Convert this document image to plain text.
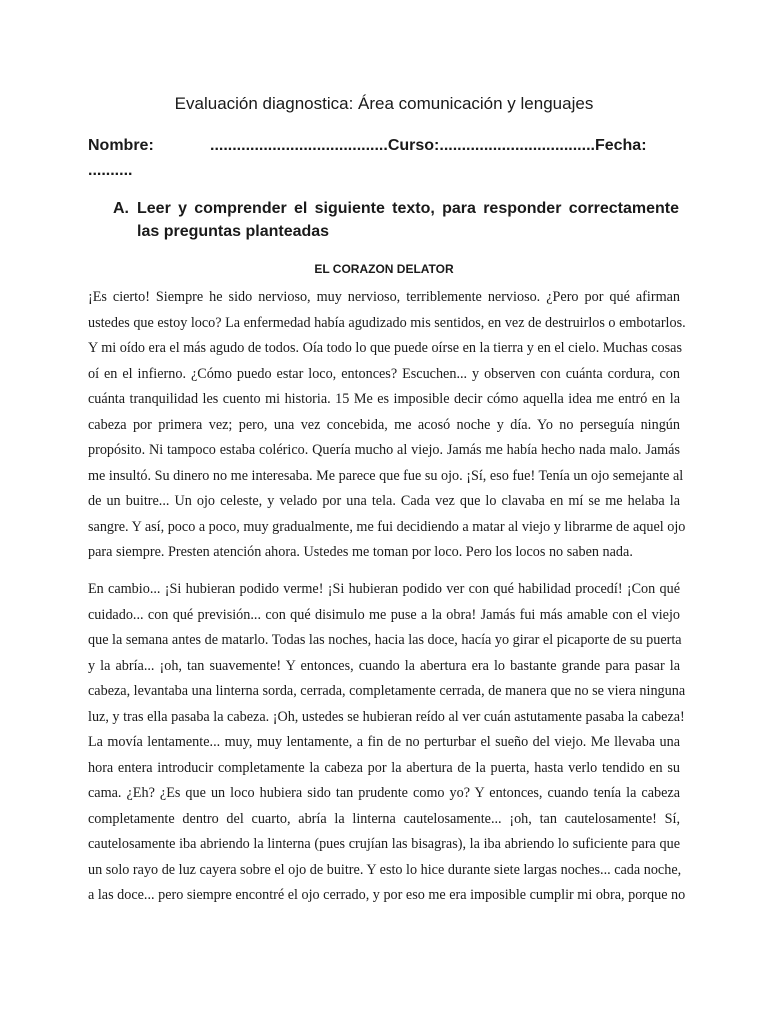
Evaluación diagnostica: Área comunicación y lenguajes
Nombre:	........................................Curso:...................................Fecha:
..........
A. Leer y comprender el siguiente texto, para responder correctamente las preguntas planteadas
EL CORAZON DELATOR
¡Es cierto! Siempre he sido nervioso, muy nervioso, terriblemente nervioso. ¿Pero por qué afirman
ustedes que estoy loco? La enfermedad había agudizado mis sentidos, en vez de destruirlos o embotarlos.
Y mi oído era el más agudo de todos. Oía todo lo que puede oírse en la tierra y en el cielo. Muchas cosas
oí en el infierno. ¿Cómo puedo estar loco, entonces? Escuchen... y observen con cuánta cordura, con
cuánta tranquilidad les cuento mi historia. 15 Me es imposible decir cómo aquella idea me entró en la
cabeza por primera vez; pero, una vez concebida, me acosó noche y día. Yo no perseguía ningún
propósito. Ni tampoco estaba colérico. Quería mucho al viejo. Jamás me había hecho nada malo. Jamás
me insultó. Su dinero no me interesaba. Me parece que fue su ojo. ¡Sí, eso fue! Tenía un ojo semejante al
de un buitre... Un ojo celeste, y velado por una tela. Cada vez que lo clavaba en mí se me helaba la
sangre. Y así, poco a poco, muy gradualmente, me fui decidiendo a matar al viejo y librarme de aquel ojo
para siempre. Presten atención ahora. Ustedes me toman por loco. Pero los locos no saben nada.
En cambio... ¡Si hubieran podido verme! ¡Si hubieran podido ver con qué habilidad procedí! ¡Con qué
cuidado... con qué previsión... con qué disimulo me puse a la obra! Jamás fui más amable con el viejo
que la semana antes de matarlo. Todas las noches, hacia las doce, hacía yo girar el picaporte de su puerta
y la abría... ¡oh, tan suavemente! Y entonces, cuando la abertura era lo bastante grande para pasar la
cabeza, levantaba una linterna sorda, cerrada, completamente cerrada, de manera que no se viera ninguna
luz, y tras ella pasaba la cabeza. ¡Oh, ustedes se hubieran reído al ver cuán astutamente pasaba la cabeza!
La movía lentamente... muy, muy lentamente, a fin de no perturbar el sueño del viejo. Me llevaba una
hora entera introducir completamente la cabeza por la abertura de la puerta, hasta verlo tendido en su
cama. ¿Eh? ¿Es que un loco hubiera sido tan prudente como yo? Y entonces, cuando tenía la cabeza
completamente dentro del cuarto, abría la linterna cautelosamente... ¡oh, tan cautelosamente! Sí,
cautelosamente iba abriendo la linterna (pues crujían las bisagras), la iba abriendo lo suficiente para que
un solo rayo de luz cayera sobre el ojo de buitre. Y esto lo hice durante siete largas noches... cada noche,
a las doce... pero siempre encontré el ojo cerrado, y por eso me era imposible cumplir mi obra, porque no
